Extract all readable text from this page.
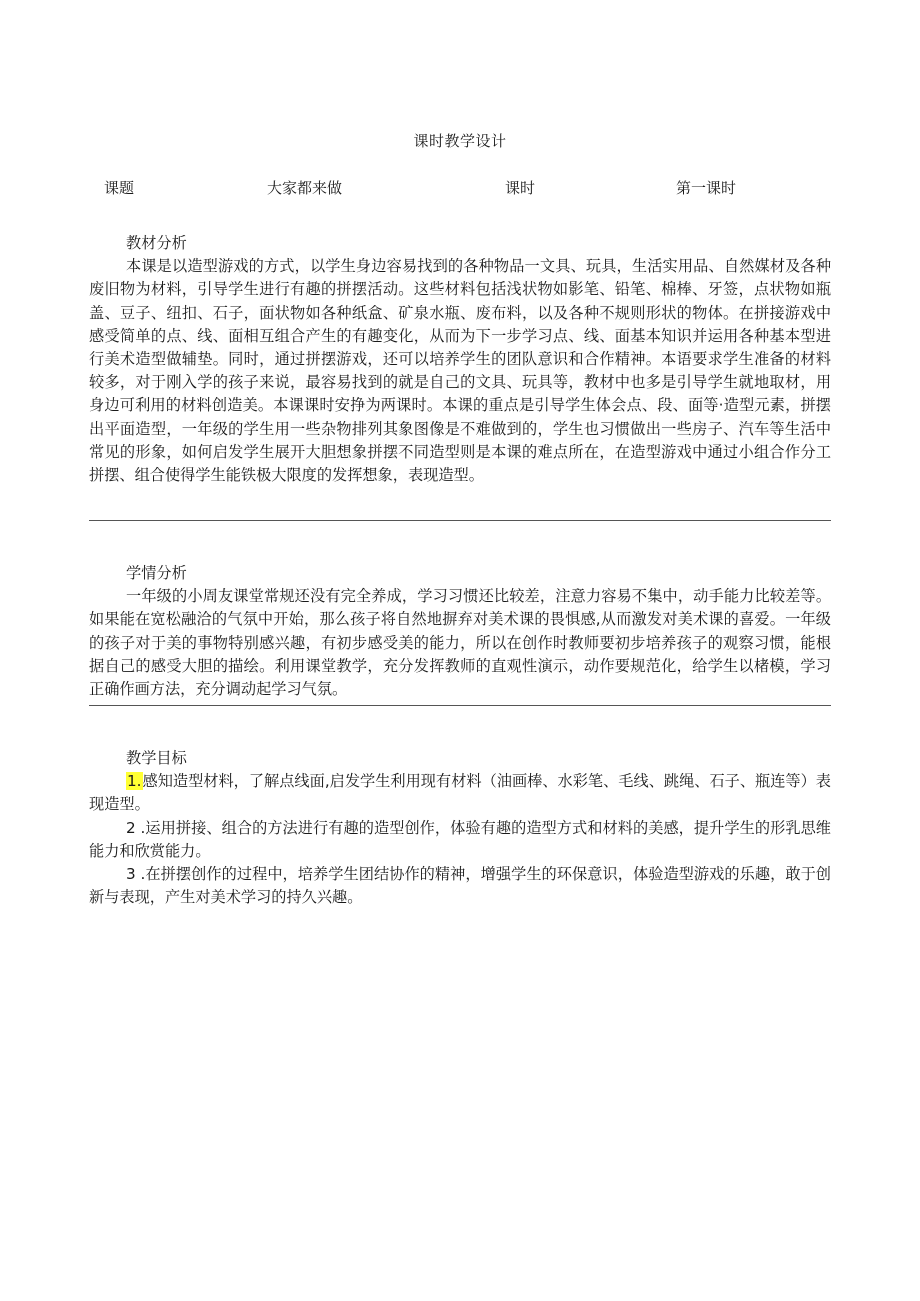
课时教学设计
课题	大家都来做	课时	第一课时
教材分析
本课是以造型游戏的方式，以学生身边容易找到的各种物品一文具、玩具，生活实用品、自然媒材及各种废旧物为材料，引导学生进行有趣的拼摆活动。这些材料包括浅状物如影笔、铅笔、棉棒、牙签，点状物如瓶盖、豆子、纽扣、石子，面状物如各种纸盒、矿泉水瓶、废布料，以及各种不规则形状的物体。在拼接游戏中感受简单的点、线、面相互组合产生的有趣变化，从而为下一步学习点、线、面基本知识并运用各种基本型进行美术造型做辅垫。同时，通过拼摆游戏，还可以培养学生的团队意识和合作精神。本语要求学生准备的材料较多，对于刚入学的孩子来说，最容易找到的就是自己的文具、玩具等，教材中也多是引导学生就地取材，用身边可利用的材料创造美。本课课时安挣为两课时。本课的重点是引导学生体会点、段、面等·造型元素，拼摆出平面造型，一年级的学生用一些杂物排列其象图像是不难做到的，学生也习惯做出一些房子、汽车等生活中常见的形象，如何启发学生展开大胆想象拼摆不同造型则是本课的难点所在，在造型游戏中通过小组合作分工拼摆、组合使得学生能铁极大限度的发挥想象，表现造型。
学情分析
一年级的小周友课堂常规还没有完全养成，学习习惯还比较差，注意力容易不集中，动手能力比较差等。如果能在宽松融洽的气氛中开始，那么孩子将自然地摒弃对美术课的畏惧感,从而激发对美术课的喜爱。一年级的孩子对于美的事物特别感兴趣，有初步感受美的能力，所以在创作时教师要初步培养孩子的观察习惯，能根据自己的感受大胆的描绘。利用课堂教学，充分发挥教师的直观性演示，动作要规范化，给学生以楮模，学习正确作画方法，充分调动起学习气氛。
教学目标
1.感知造型材料，了解点线面,启发学生利用现有材料（油画棒、水彩笔、毛线、跳绳、石子、瓶连等）表现造型。
2 .运用拼接、组合的方法进行有趣的造型创作，体验有趣的造型方式和材料的美感，提升学生的形乳思维能力和欣赏能力。
3 .在拼摆创作的过程中，培养学生团结协作的精神，增强学生的环保意识，体验造型游戏的乐趣，敢于创新与表现，产生对美术学习的持久兴趣。
